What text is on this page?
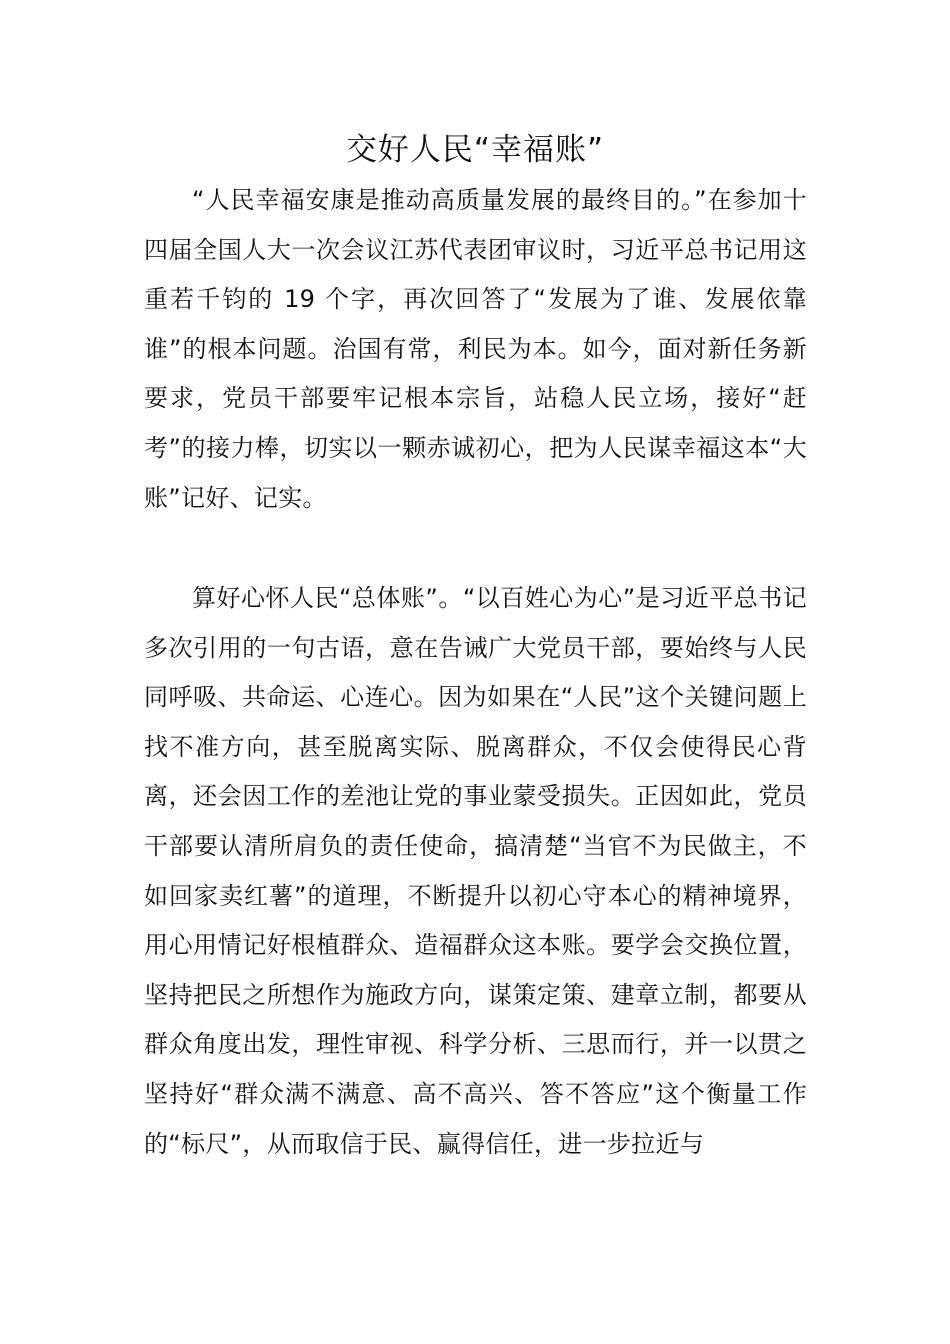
交好人民“幸福账”

“人民幸福安康是推动高质量发展的最终目的。”在参加十四届全国人大一次会议江苏代表团审议时，习近平总书记用这重若千钧的 19 个字，再次回答了“发展为了谁、发展依靠谁”的根本问题。治国有常，利民为本。如今，面对新任务新要求，党员干部要牢记根本宗旨，站稳人民立场，接好“赶考”的接力棒，切实以一颗赤诚初心，把为人民谋幸福这本“大账”记好、记实。

算好心怀人民“总体账”。“以百姓心为心”是习近平总书记多次引用的一句古语，意在告诫广大党员干部，要始终与人民同呼吸、共命运、心连心。因为如果在“人民”这个关键问题上找不准方向，甚至脱离实际、脱离群众，不仅会使得民心背离，还会因工作的差池让党的事业蒙受损失。正因如此，党员干部要认清所肩负的责任使命，搞清楚“当官不为民做主，不如回家卖红薯”的道理，不断提升以初心守本心的精神境界，用心用情记好根植群众、造福群众这本账。要学会交换位置，坚持把民之所想作为施政方向，谋策定策、建章立制，都要从群众角度出发，理性审视、科学分析、三思而行，并一以贯之坚持好“群众满不满意、高不高兴、答不答应”这个衡量工作的“标尺”，从而取信于民、赢得信任，进一步拉近与
